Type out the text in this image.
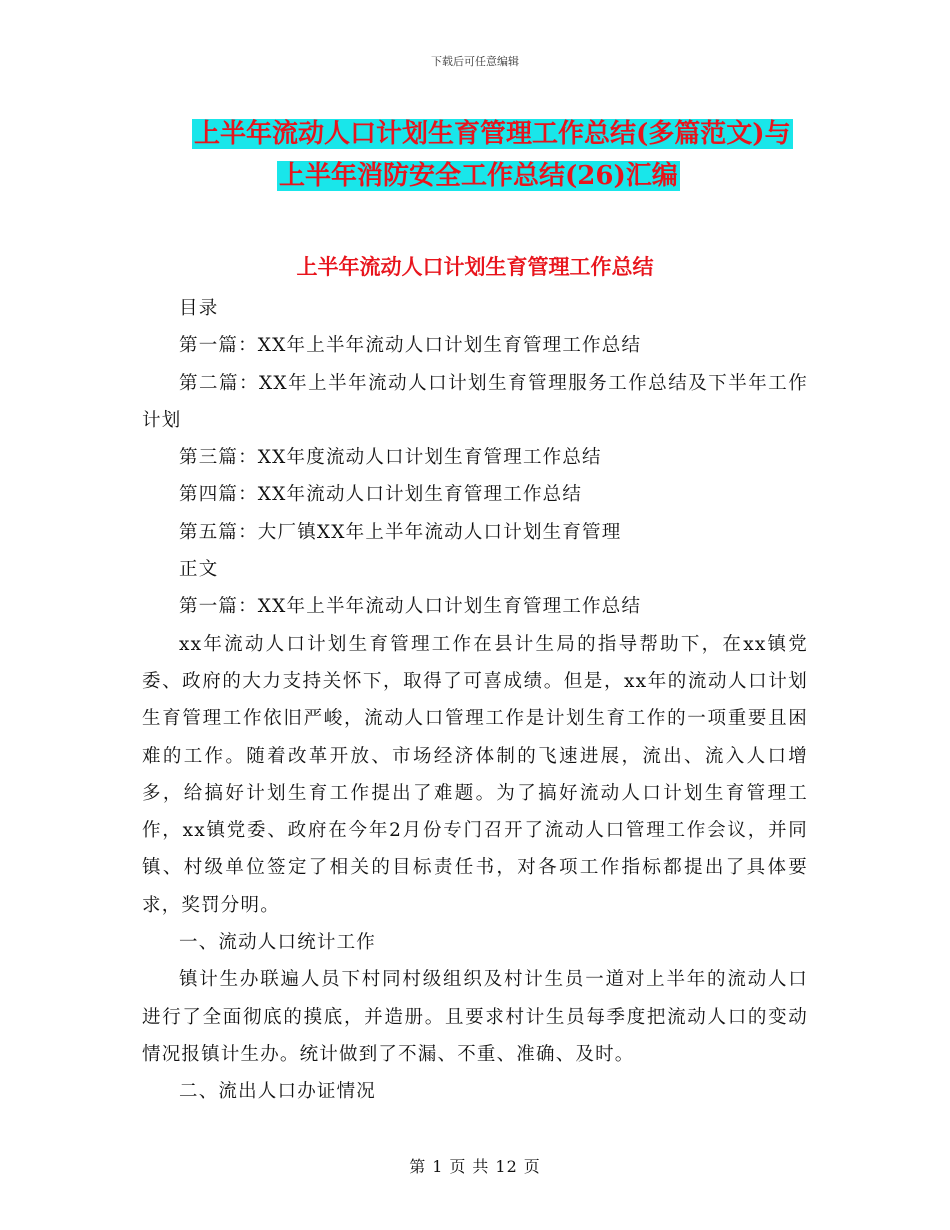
下载后可任意编辑
上半年流动人口计划生育管理工作总结(多篇范文)与
上半年消防安全工作总结(26)汇编
上半年流动人口计划生育管理工作总结

目录

第一篇：XX年上半年流动人口计划生育管理工作总结

第二篇：XX年上半年流动人口计划生育管理服务工作总结及下半年工作计划

第三篇：XX年度流动人口计划生育管理工作总结

第四篇：XX年流动人口计划生育管理工作总结

第五篇：大厂镇XX年上半年流动人口计划生育管理

正文

第一篇：XX年上半年流动人口计划生育管理工作总结

xx年流动人口计划生育管理工作在县计生局的指导帮助下，在xx镇党委、政府的大力支持关怀下，取得了可喜成绩。但是，xx年的流动人口计划生育管理工作依旧严峻，流动人口管理工作是计划生育工作的一项重要且困难的工作。随着改革开放、市场经济体制的飞速进展，流出、流入人口增多，给搞好计划生育工作提出了难题。为了搞好流动人口计划生育管理工作，xx镇党委、政府在今年2月份专门召开了流动人口管理工作会议，并同镇、村级单位签定了相关的目标责任书，对各项工作指标都提出了具体要求，奖罚分明。

一、流动人口统计工作

镇计生办联遍人员下村同村级组织及村计生员一道对上半年的流动人口进行了全面彻底的摸底，并造册。且要求村计生员每季度把流动人口的变动情况报镇计生办。统计做到了不漏、不重、准确、及时。

二、流出人口办证情况

第 1 页 共 12 页
